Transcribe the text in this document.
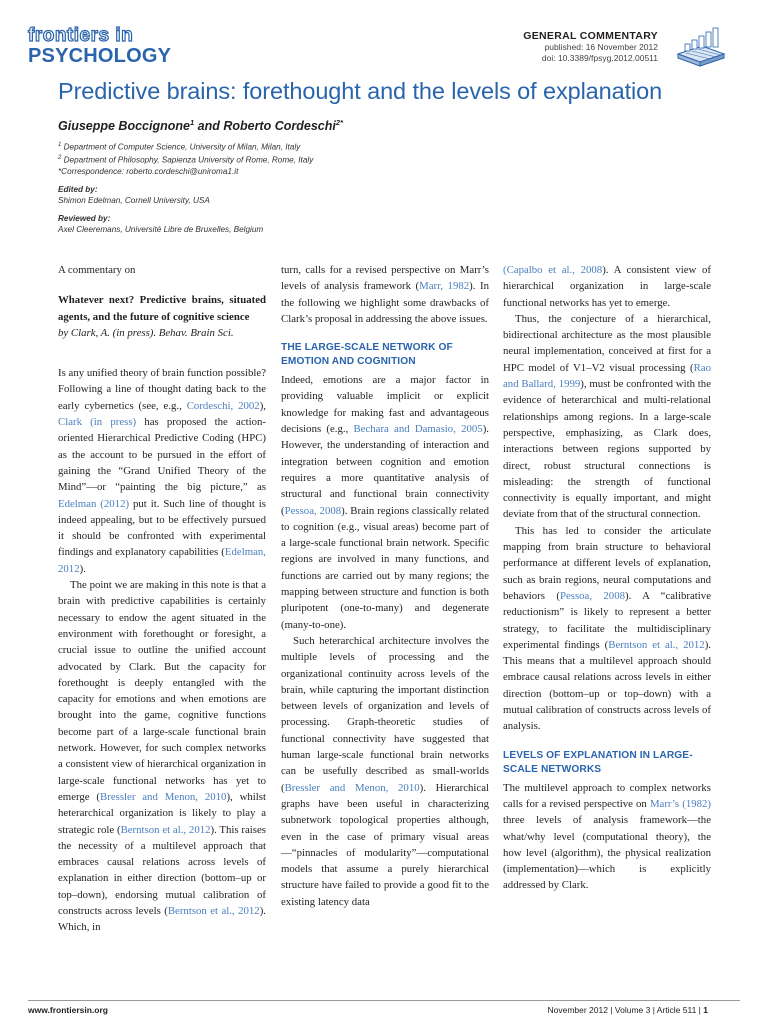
frontiers in
PSYCHOLOGY
GENERAL COMMENTARY
published: 16 November 2012
doi: 10.3389/fpsyg.2012.00511
Predictive brains: forethought and the levels of explanation
Giuseppe Boccignone$^1$ and Roberto Cordeschi$^{2*}$
$^1$ Department of Computer Science, University of Milan, Milan, Italy
$^2$ Department of Philosophy, Sapienza University of Rome, Rome, Italy
*Correspondence: roberto.cordeschi@uniroma1.it
Edited by:
Shimon Edelman, Cornell University, USA
Reviewed by:
Axel Cleeremans, Université Libre de Bruxelles, Belgium

A commentary on

Whatever next? Predictive brains, situated agents, and the future of cognitive science

by Clark, A. (in press). Behav. Brain Sci.

Is any unified theory of brain function possible? Following a line of thought dating back to the early cybernetics (see, e.g., Cordeschi, 2002), Clark (in press) has proposed the action-oriented Hierarchical Predictive Coding (HPC) as the account to be pursued in the effort of gaining the “Grand Unified Theory of the Mind”—or “painting the big picture,” as Edelman (2012) put it. Such line of thought is indeed appealing, but to be effectively pursued it should be confronted with experimental findings and explanatory capabilities (Edelman, 2012).

The point we are making in this note is that a brain with predictive capabilities is certainly necessary to endow the agent situated in the environment with forethought or foresight, a crucial issue to outline the unified account advocated by Clark. But the capacity for forethought is deeply entangled with the capacity for emotions and when emotions are brought into the game, cognitive functions become part of a large-scale functional brain network. However, for such complex networks a consistent view of hierarchical organization in large-scale functional networks has yet to emerge (Bressler and Menon, 2010), whilst heterarchical organization is likely to play a strategic role (Berntson et al., 2012). This raises the necessity of a multilevel approach that embraces causal relations across levels of explanation in either direction (bottom–up or top–down), endorsing mutual calibration of constructs across levels (Berntson et al., 2012). Which, in

turn, calls for a revised perspective on Marr’s levels of analysis framework (Marr, 1982). In the following we highlight some drawbacks of Clark’s proposal in addressing the above issues.

THE LARGE-SCALE NETWORK OF EMOTION AND COGNITION

Indeed, emotions are a major factor in providing valuable implicit or explicit knowledge for making fast and advantageous decisions (e.g., Bechara and Damasio, 2005). However, the understanding of interaction and integration between cognition and emotion requires a more quantitative analysis of structural and functional brain connectivity (Pessoa, 2008). Brain regions classically related to cognition (e.g., visual areas) become part of a large-scale functional brain network. Specific regions are involved in many functions, and functions are carried out by many regions; the mapping between structure and function is both pluripotent (one-to-many) and degenerate (many-to-one).

Such heterarchical architecture involves the multiple levels of processing and the organizational continuity across levels of the brain, while capturing the important distinction between levels of organization and levels of processing. Graph-theoretic studies of functional connectivity have suggested that human large-scale functional brain networks can be usefully described as small-worlds (Bressler and Menon, 2010). Hierarchical graphs have been useful in characterizing subnetwork topological properties although, even in the case of primary visual areas—“pinnacles of modularity”—computational models that assume a purely hierarchical structure have failed to provide a good fit to the existing latency data

(Capalbo et al., 2008). A consistent view of hierarchical organization in large-scale functional networks has yet to emerge.

Thus, the conjecture of a hierarchical, bidirectional architecture as the most plausible neural implementation, conceived at first for a HPC model of V1–V2 visual processing (Rao and Ballard, 1999), must be confronted with the evidence of heterarchical and multi-relational relationships among regions. In a large-scale perspective, emphasizing, as Clark does, interactions between regions supported by direct, robust structural connections is misleading: the strength of functional connectivity is equally important, and might deviate from that of the structural connection.

This has led to consider the articulate mapping from brain structure to behavioral performance at different levels of explanation, such as brain regions, neural computations and behaviors (Pessoa, 2008). A “calibrative reductionism” is likely to represent a better strategy, to facilitate the multidisciplinary experimental findings (Berntson et al., 2012). This means that a multilevel approach should embrace causal relations across levels in either direction (bottom–up or top–down) with a mutual calibration of constructs across levels of analysis.

LEVELS OF EXPLANATION IN LARGE-SCALE NETWORKS

The multilevel approach to complex networks calls for a revised perspective on Marr’s (1982) three levels of analysis framework—the what/why level (computational theory), the how level (algorithm), the physical realization (implementation)—which is explicitly addressed by Clark.

www.frontiersin.org	November 2012 | Volume 3 | Article 511 | 1
